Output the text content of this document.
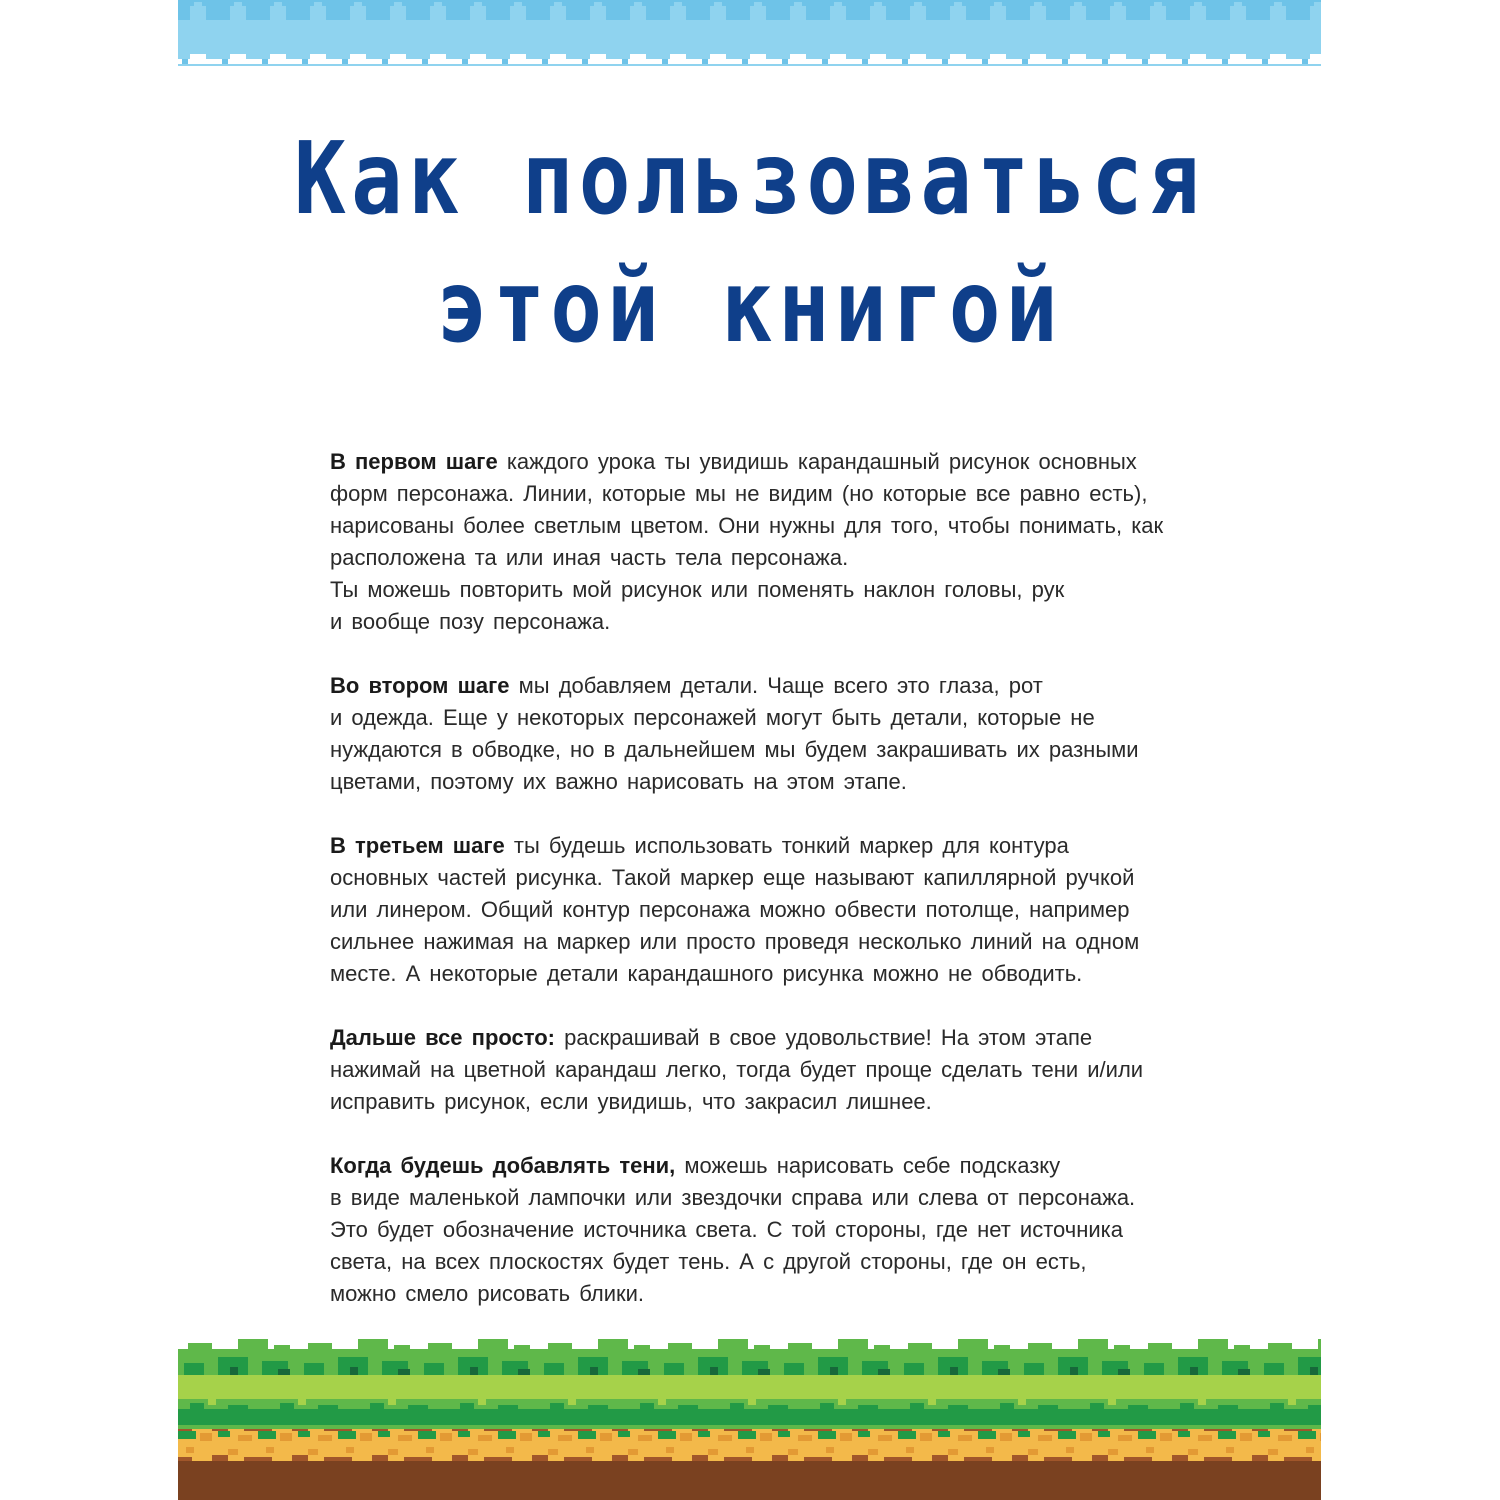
Как пользоваться
этой книгой

В первом шаге каждого урока ты увидишь карандашный рисунок основных
форм персонажа. Линии, которые мы не видим (но которые все равно есть),
нарисованы более светлым цветом. Они нужны для того, чтобы понимать, как
расположена та или иная часть тела персонажа.
Ты можешь повторить мой рисунок или поменять наклон головы, рук
и вообще позу персонажа.

Во втором шаге мы добавляем детали. Чаще всего это глаза, рот
и одежда. Еще у некоторых персонажей могут быть детали, которые не
нуждаются в обводке, но в дальнейшем мы будем закрашивать их разными
цветами, поэтому их важно нарисовать на этом этапе.

В третьем шаге ты будешь использовать тонкий маркер для контура
основных частей рисунка. Такой маркер еще называют капиллярной ручкой
или линером. Общий контур персонажа можно обвести потолще, например
сильнее нажимая на маркер или просто проведя несколько линий на одном
месте. А некоторые детали карандашного рисунка можно не обводить.

Дальше все просто: раскрашивай в свое удовольствие! На этом этапе
нажимай на цветной карандаш легко, тогда будет проще сделать тени и/или
исправить рисунок, если увидишь, что закрасил лишнее.

Когда будешь добавлять тени, можешь нарисовать себе подсказку
в виде маленькой лампочки или звездочки справа или слева от персонажа.
Это будет обозначение источника света. С той стороны, где нет источника
света, на всех плоскостях будет тень. А с другой стороны, где он есть,
можно смело рисовать блики.
